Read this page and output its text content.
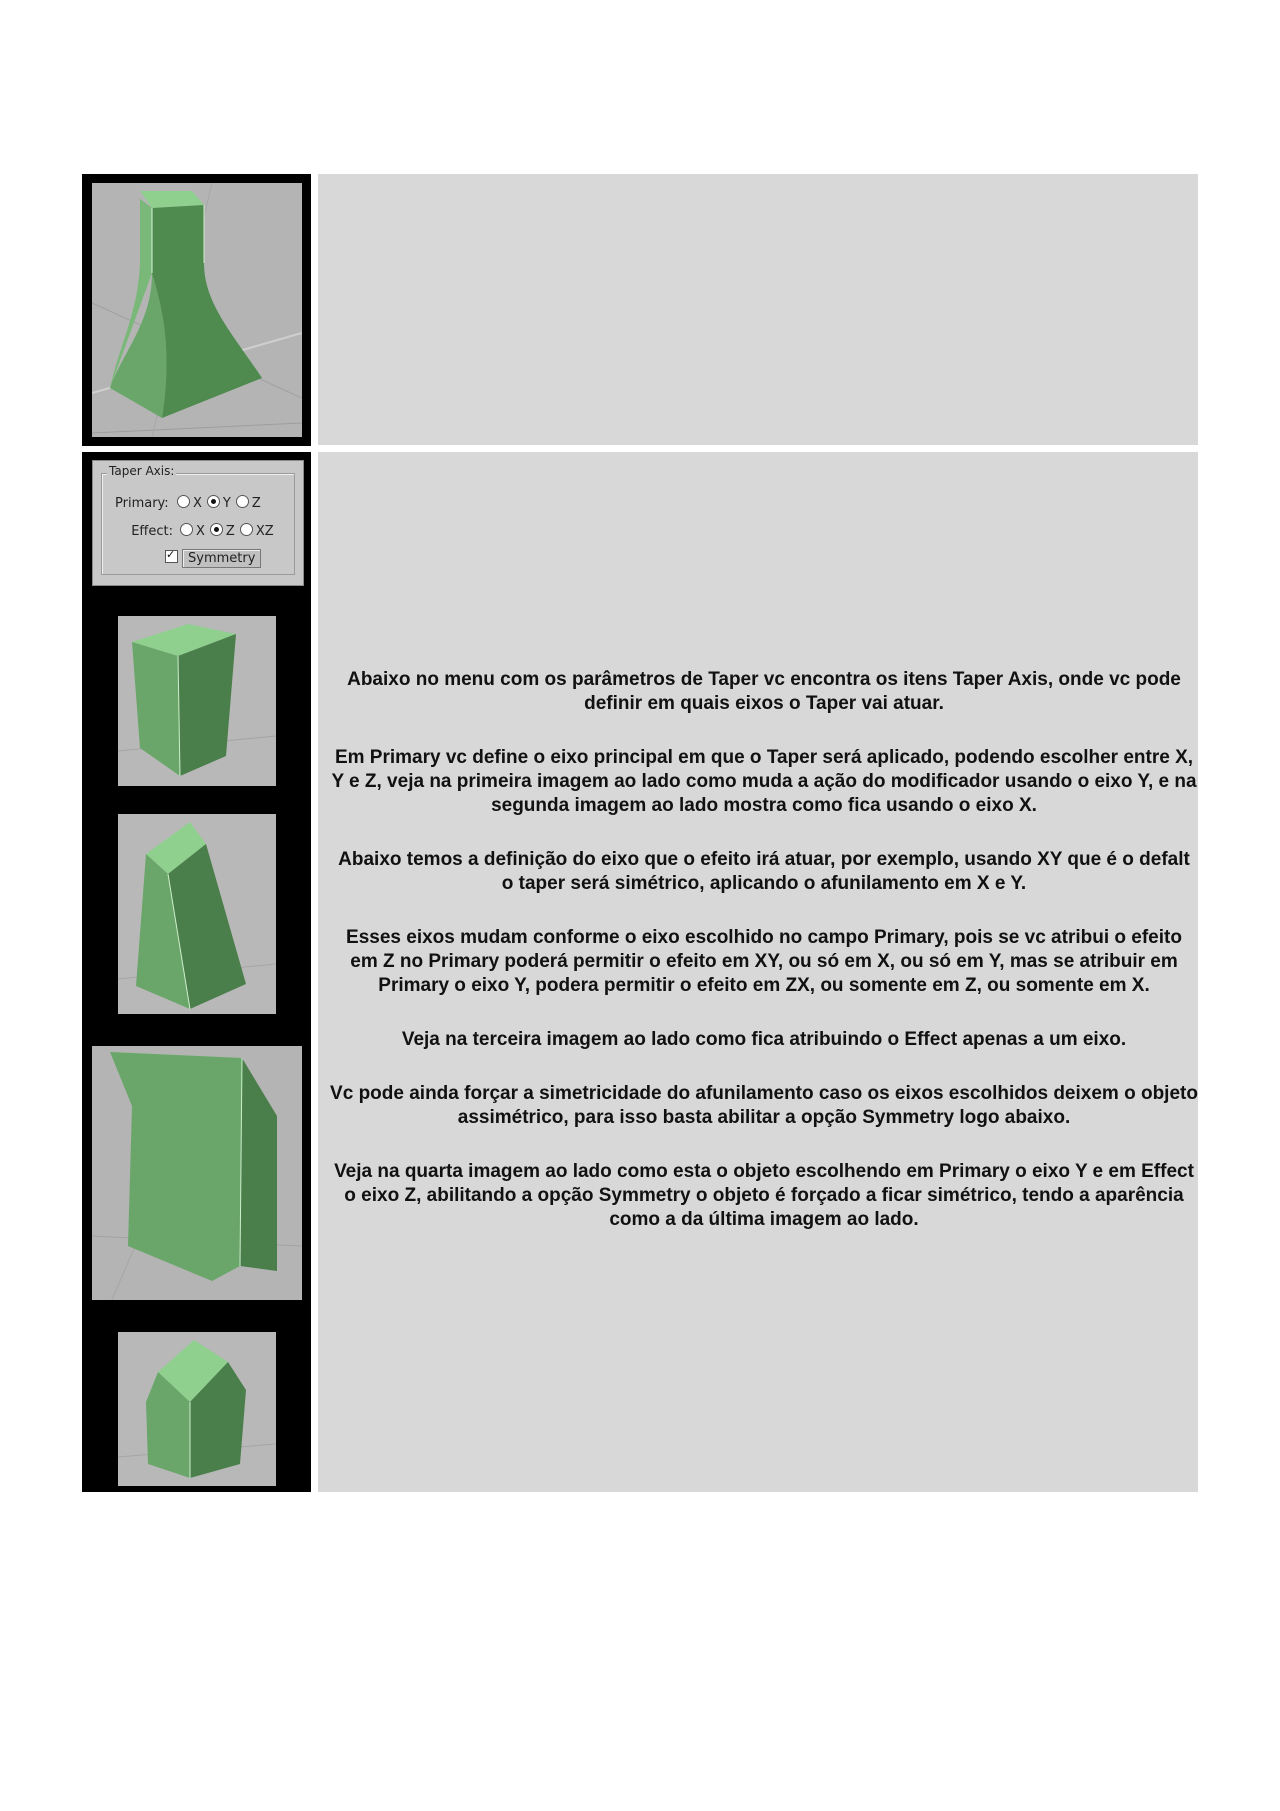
Taper Axis:
Primary: X Y Z
Effect: X Z XZ
✓Symmetry

Abaixo no menu com os parâmetros de Taper vc encontra os itens Taper Axis, onde vc pode definir em quais eixos o Taper vai atuar.

Em Primary vc define o eixo principal em que o Taper será aplicado, podendo escolher entre X, Y e Z, veja na primeira imagem ao lado como muda a ação do modificador usando o eixo Y, e na segunda imagem ao lado mostra como fica usando o eixo X.

Abaixo temos a definição do eixo que o efeito irá atuar, por exemplo, usando XY que é o defalt o taper será simétrico, aplicando o afunilamento em X e Y.

Esses eixos mudam conforme o eixo escolhido no campo Primary, pois se vc atribui o efeito em Z no Primary poderá permitir o efeito em XY, ou só em X, ou só em Y, mas se atribuir em Primary o eixo Y, podera permitir o efeito em ZX, ou somente em Z, ou somente em X.

Veja na terceira imagem ao lado como fica atribuindo o Effect apenas a um eixo.

Vc pode ainda forçar a simetricidade do afunilamento caso os eixos escolhidos deixem o objeto assimétrico, para isso basta abilitar a opção Symmetry logo abaixo.

Veja na quarta imagem ao lado como esta o objeto escolhendo em Primary o eixo Y e em Effect o eixo Z, abilitando a opção Symmetry o objeto é forçado a ficar simétrico, tendo a aparência como a da última imagem ao lado.
